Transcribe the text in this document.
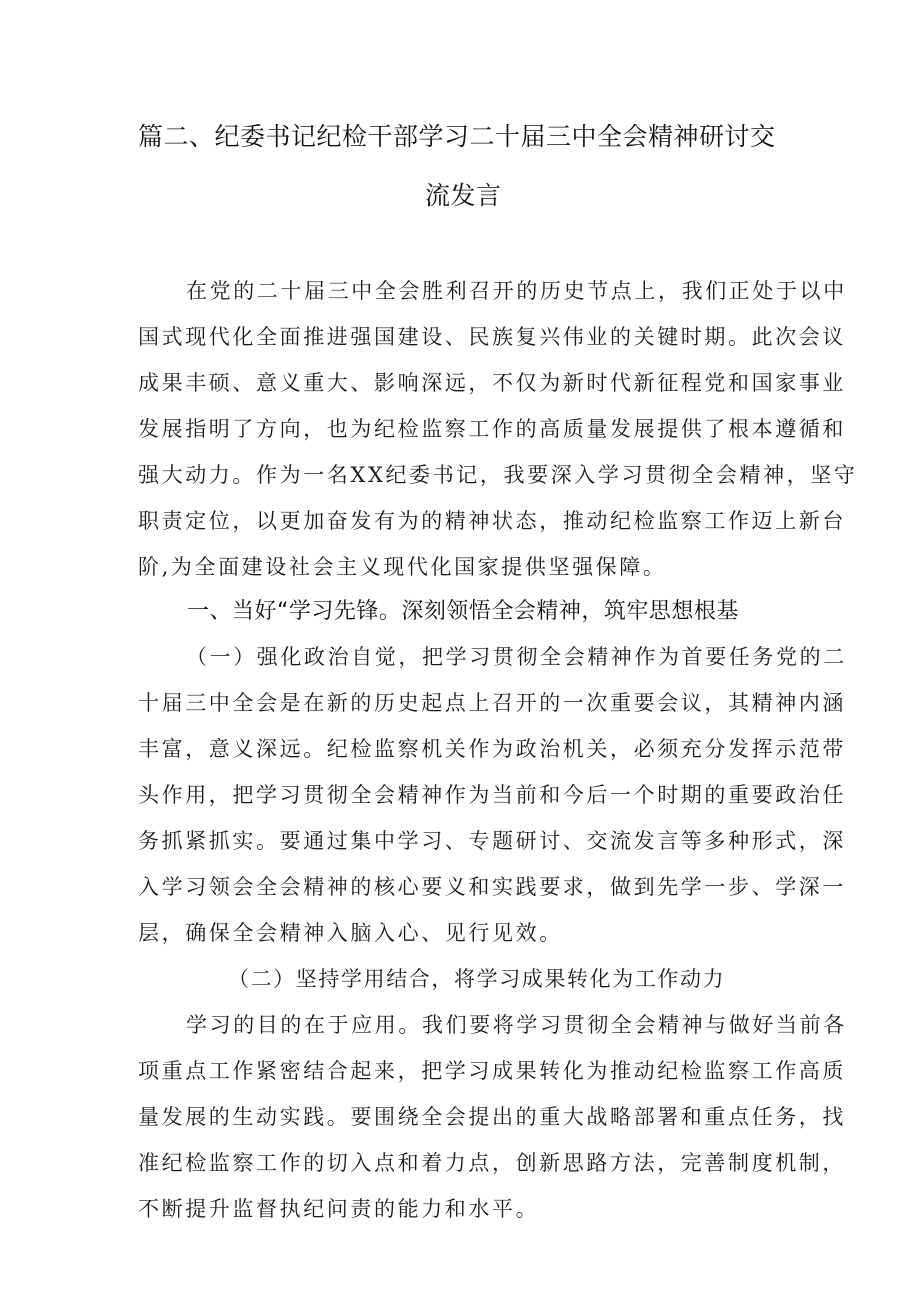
篇二、纪委书记纪检干部学习二十届三中全会精神研讨交
流发言
在党的二十届三中全会胜利召开的历史节点上，我们正处于以中
国式现代化全面推进强国建设、民族复兴伟业的关键时期。此次会议
成果丰硕、意义重大、影响深远，不仅为新时代新征程党和国家事业
发展指明了方向，也为纪检监察工作的高质量发展提供了根本遵循和
强大动力。作为一名XX纪委书记，我要深入学习贯彻全会精神，坚守
职责定位，以更加奋发有为的精神状态，推动纪检监察工作迈上新台
阶,为全面建设社会主义现代化国家提供坚强保障。
一、当好“学习先锋。深刻领悟全会精神，筑牢思想根基
（一）强化政治自觉，把学习贯彻全会精神作为首要任务党的二
十届三中全会是在新的历史起点上召开的一次重要会议，其精神内涵
丰富，意义深远。纪检监察机关作为政治机关，必须充分发挥示范带
头作用，把学习贯彻全会精神作为当前和今后一个时期的重要政治任
务抓紧抓实。要通过集中学习、专题研讨、交流发言等多种形式，深
入学习领会全会精神的核心要义和实践要求，做到先学一步、学深一
层，确保全会精神入脑入心、见行见效。
（二）坚持学用结合，将学习成果转化为工作动力
学习的目的在于应用。我们要将学习贯彻全会精神与做好当前各
项重点工作紧密结合起来，把学习成果转化为推动纪检监察工作高质
量发展的生动实践。要围绕全会提出的重大战略部署和重点任务，找
准纪检监察工作的切入点和着力点，创新思路方法，完善制度机制，
不断提升监督执纪问责的能力和水平。
